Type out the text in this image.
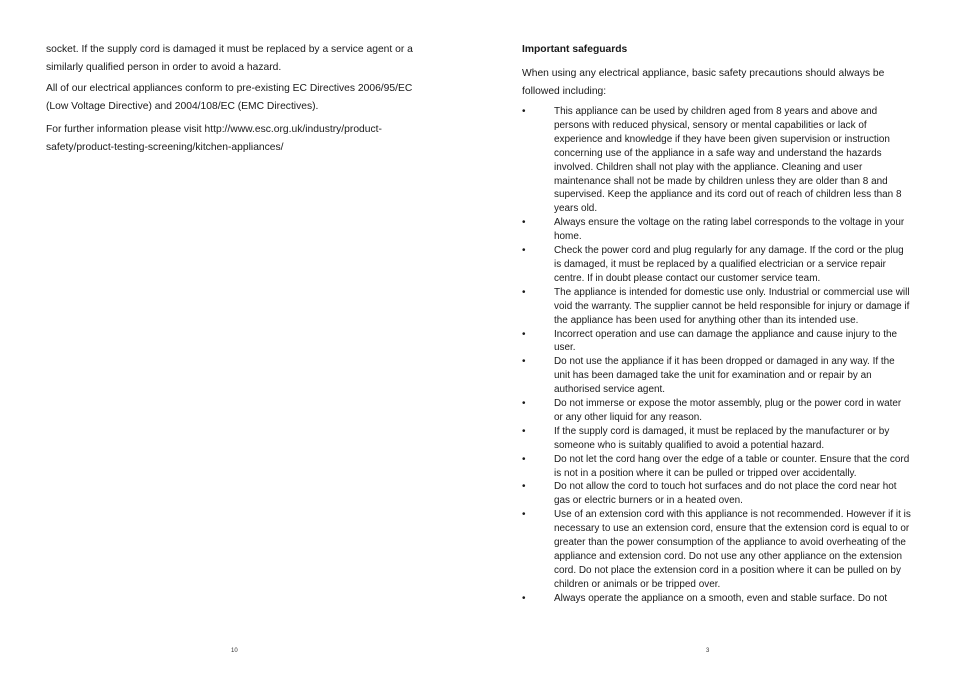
socket. If the supply cord is damaged it must be replaced by a service agent or a similarly qualified person in order to avoid a hazard.

All of our electrical appliances conform to pre-existing EC Directives 2006/95/EC (Low Voltage Directive) and 2004/108/EC (EMC Directives).

For further information please visit http://www.esc.org.uk/industry/product-safety/product-testing-screening/kitchen-appliances/

10

Important safeguards

When using any electrical appliance, basic safety precautions should always be followed including:

•	This appliance can be used by children aged from 8 years and above and persons with reduced physical, sensory or mental capabilities or lack of experience and knowledge if they have been given supervision or instruction concerning use of the appliance in a safe way and understand the hazards involved. Children shall not play with the appliance. Cleaning and user maintenance shall not be made by children unless they are older than 8 and supervised. Keep the appliance and its cord out of reach of children less than 8 years old.
•	Always ensure the voltage on the rating label corresponds to the voltage in your home.
•	Check the power cord and plug regularly for any damage. If the cord or the plug is damaged, it must be replaced by a qualified electrician or a service repair centre. If in doubt please contact our customer service team.
•	The appliance is intended for domestic use only. Industrial or commercial use will void the warranty. The supplier cannot be held responsible for injury or damage if the appliance has been used for anything other than its intended use.
•	Incorrect operation and use can damage the appliance and cause injury to the user.
•	Do not use the appliance if it has been dropped or damaged in any way. If the unit has been damaged take the unit for examination and or repair by an authorised service agent.
•	Do not immerse or expose the motor assembly, plug or the power cord in water or any other liquid for any reason.
•	If the supply cord is damaged, it must be replaced by the manufacturer or by someone who is suitably qualified to avoid a potential hazard.
•	Do not let the cord hang over the edge of a table or counter. Ensure that the cord is not in a position where it can be pulled or tripped over accidentally.
•	Do not allow the cord to touch hot surfaces and do not place the cord near hot gas or electric burners or in a heated oven.
•	Use of an extension cord with this appliance is not recommended. However if it is necessary to use an extension cord, ensure that the extension cord is equal to or greater than the power consumption of the appliance to avoid overheating of the appliance and extension cord. Do not use any other appliance on the extension cord. Do not place the extension cord in a position where it can be pulled on by children or animals or be tripped over.
•	Always operate the appliance on a smooth, even and stable surface. Do not
3
